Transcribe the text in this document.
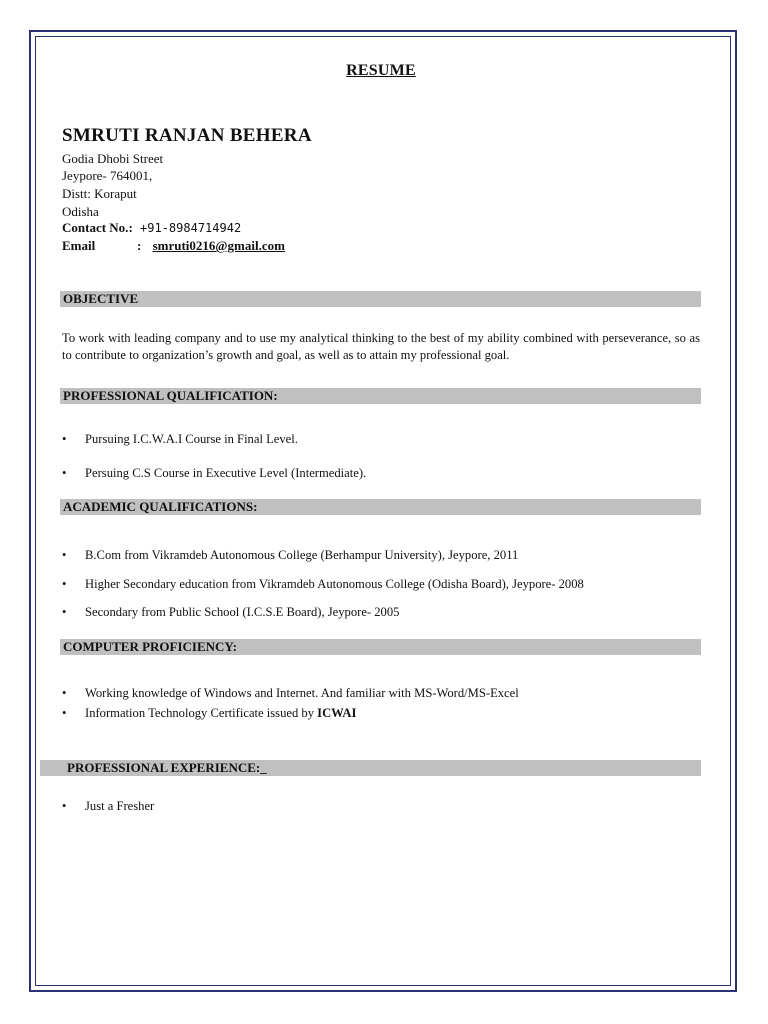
RESUME
SMRUTI RANJAN BEHERA
Godia Dhobi Street
Jeypore- 764001,
Distt: Koraput
Odisha
Contact No.: +91-8984714942
Email	: smruti0216@gmail.com
OBJECTIVE
To work with leading company and to use my analytical thinking to the best of my ability combined with perseverance, so as to contribute to organization’s growth and goal, as well as to attain my professional goal.
PROFESSIONAL QUALIFICATION:
• Pursuing I.C.W.A.I Course in Final Level.
• Persuing C.S Course in Executive Level (Intermediate).
ACADEMIC QUALIFICATIONS:
• B.Com from Vikramdeb Autonomous College (Berhampur University), Jeypore, 2011
• Higher Secondary education from Vikramdeb Autonomous College (Odisha Board), Jeypore- 2008
• Secondary from Public School (I.C.S.E Board), Jeypore- 2005
COMPUTER PROFICIENCY:
• Working knowledge of Windows and Internet. And familiar with MS-Word/MS-Excel
• Information Technology Certificate issued by ICWAI
PROFESSIONAL EXPERIENCE:_
• Just a Fresher
